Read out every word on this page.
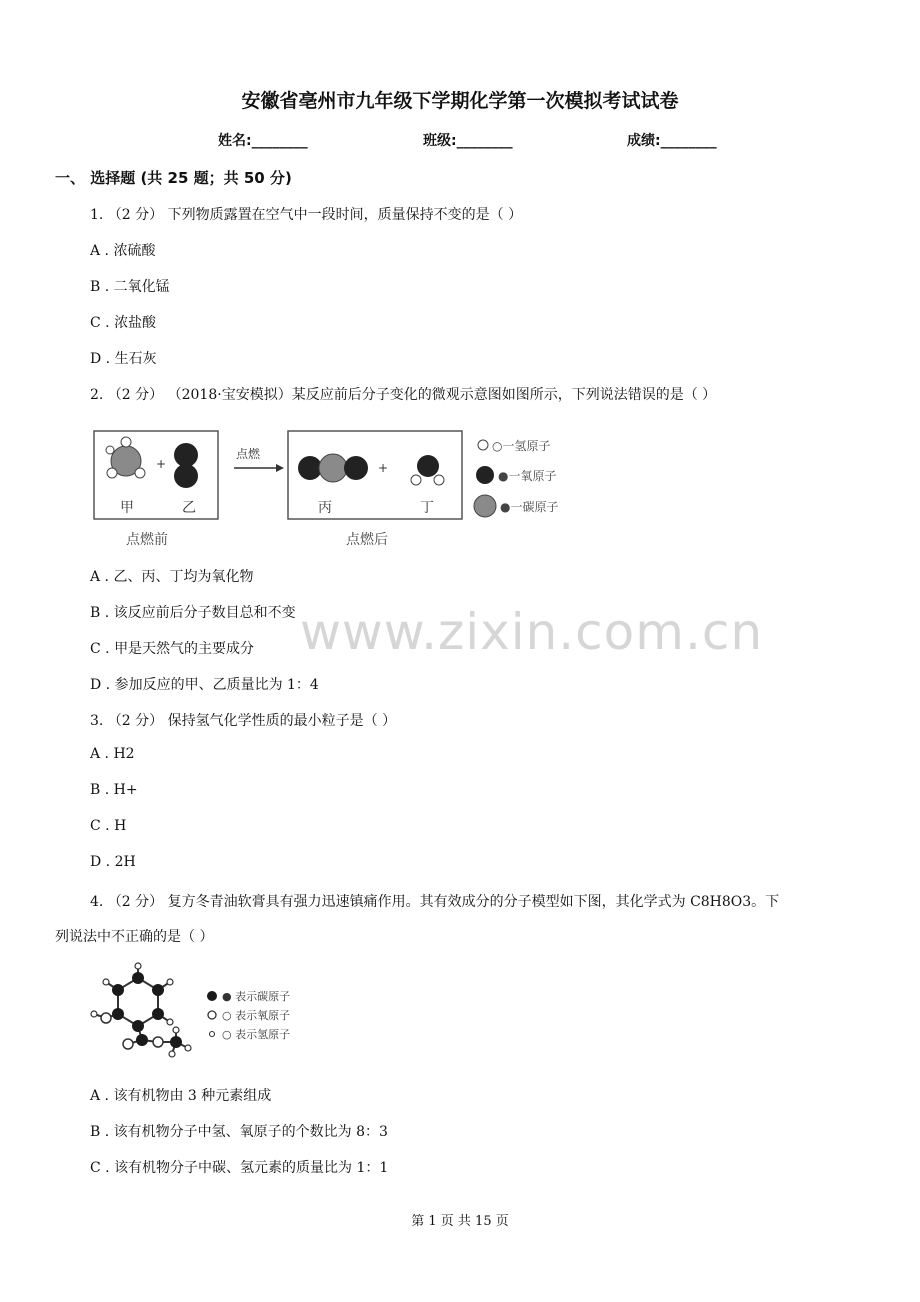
安徽省亳州市九年级下学期化学第一次模拟考试试卷
姓名:________	班级:________	成绩:________
一、 选择题 (共 25 题；共 50 分)
1. （2 分） 下列物质露置在空气中一段时间，质量保持不变的是（ ）
A . 浓硫酸
B . 二氧化锰
C . 浓盐酸
D . 生石灰
2. （2 分） （2018·宝安模拟）某反应前后分子变化的微观示意图如图所示，下列说法错误的是（ ）
+
甲	乙
点燃
+
丙	丁
点燃前	点燃后
○一氢原子
●一氧原子
●一碳原子
A . 乙、丙、丁均为氧化物
B . 该反应前后分子数目总和不变
C . 甲是天然气的主要成分
D . 参加反应的甲、乙质量比为 1：4
3. （2 分） 保持氢气化学性质的最小粒子是（ ）
A . H2
B . H+
C . H
D . 2H
4. （2 分） 复方冬青油软膏具有强力迅速镇痛作用。其有效成分的分子模型如下图，其化学式为 C8H8O3。下
列说法中不正确的是（ ）
● 表示碳原子
○ 表示氧原子
○ 表示氢原子
A . 该有机物由 3 种元素组成
B . 该有机物分子中氢、氧原子的个数比为 8：3
C . 该有机物分子中碳、氢元素的质量比为 1：1
www.zixin.com.cn
第 1 页 共 15 页
